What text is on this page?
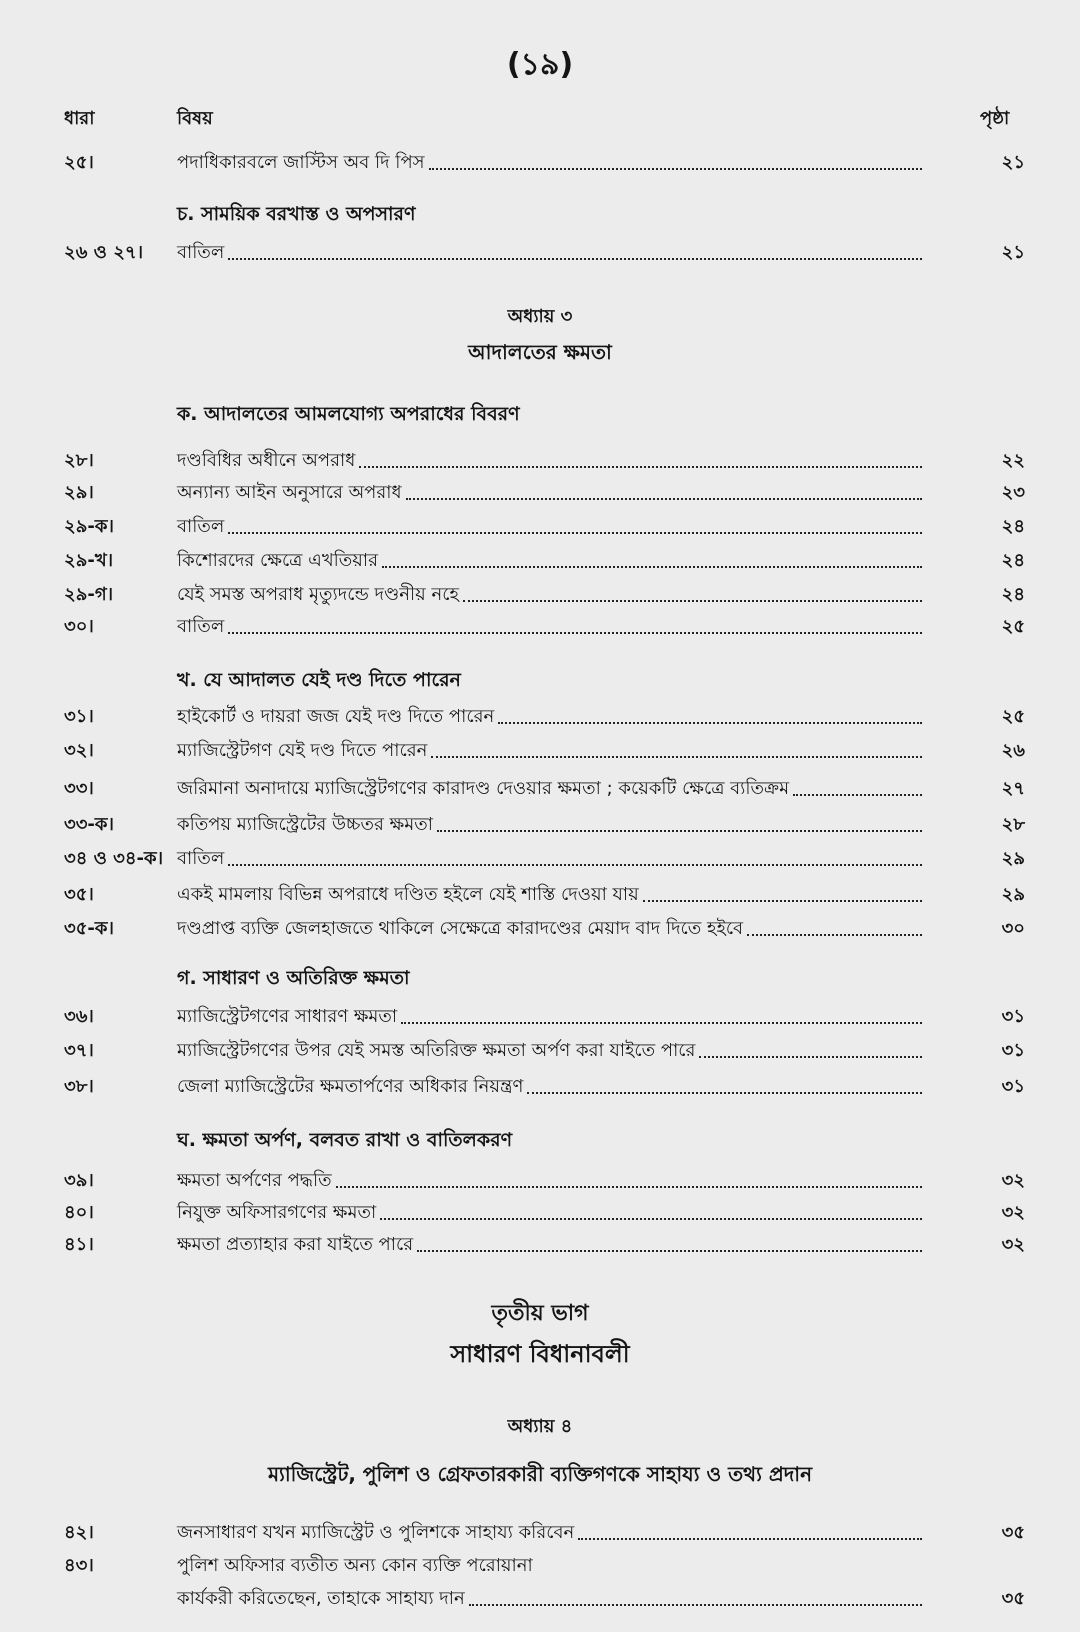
(১৯)
ধারা	বিষয়	পৃষ্ঠা
২৫।	পদাধিকারবলে জাস্টিস অব দি পিস	২১
চ. সাময়িক বরখাস্ত ও অপসারণ
২৬ ও ২৭।	বাতিল	২১
অধ্যায় ৩
আদালতের ক্ষমতা
ক. আদালতের আমলযোগ্য অপরাধের বিবরণ
২৮।	দণ্ডবিধির অধীনে অপরাধ	২২
২৯।	অন্যান্য আইন অনুসারে অপরাধ	২৩
২৯-ক।	বাতিল	২৪
২৯-খ।	কিশোরদের ক্ষেত্রে এখতিয়ার	২৪
২৯-গ।	যেই সমস্ত অপরাধ মৃত্যুদন্ডে দণ্ডনীয় নহে	২৪
৩০।	বাতিল	২৫
খ. যে আদালত যেই দণ্ড দিতে পারেন
৩১।	হাইকোর্ট ও দায়রা জজ যেই দণ্ড দিতে পারেন	২৫
৩২।	ম্যাজিস্ট্রেটগণ যেই দণ্ড দিতে পারেন	২৬
৩৩।	জরিমানা অনাদায়ে ম্যাজিস্ট্রেটগণের কারাদণ্ড দেওয়ার ক্ষমতা ; কয়েকটি ক্ষেত্রে ব্যতিক্রম	২৭
৩৩-ক।	কতিপয় ম্যাজিস্ট্রেটের উচ্চতর ক্ষমতা	২৮
৩৪ ও ৩৪-ক। বাতিল	২৯
৩৫।	একই মামলায় বিভিন্ন অপরাধে দণ্ডিত হইলে যেই শাস্তি দেওয়া যায়	২৯
৩৫-ক।	দণ্ডপ্রাপ্ত ব্যক্তি জেলহাজতে থাকিলে সেক্ষেত্রে কারাদণ্ডের মেয়াদ বাদ দিতে হইবে	৩০
গ. সাধারণ ও অতিরিক্ত ক্ষমতা
৩৬।	ম্যাজিস্ট্রেটগণের সাধারণ ক্ষমতা	৩১
৩৭।	ম্যাজিস্ট্রেটগণের উপর যেই সমস্ত অতিরিক্ত ক্ষমতা অর্পণ করা যাইতে পারে	৩১
৩৮।	জেলা ম্যাজিস্ট্রেটের ক্ষমতার্পণের অধিকার নিয়ন্ত্রণ	৩১
ঘ. ক্ষমতা অর্পণ, বলবত রাখা ও বাতিলকরণ
৩৯।	ক্ষমতা অর্পণের পদ্ধতি	৩২
৪০।	নিযুক্ত অফিসারগণের ক্ষমতা	৩২
৪১।	ক্ষমতা প্রত্যাহার করা যাইতে পারে	৩২
তৃতীয় ভাগ
সাধারণ বিধানাবলী
অধ্যায় ৪
ম্যাজিস্ট্রেট, পুলিশ ও গ্রেফতারকারী ব্যক্তিগণকে সাহায্য ও তথ্য প্রদান
৪২।	জনসাধারণ যখন ম্যাজিস্ট্রেট ও পুলিশকে সাহায্য করিবেন	৩৫
৪৩।	পুলিশ অফিসার ব্যতীত অন্য কোন ব্যক্তি পরোয়ানা
কার্যকরী করিতেছেন, তাহাকে সাহায্য দান	৩৫
